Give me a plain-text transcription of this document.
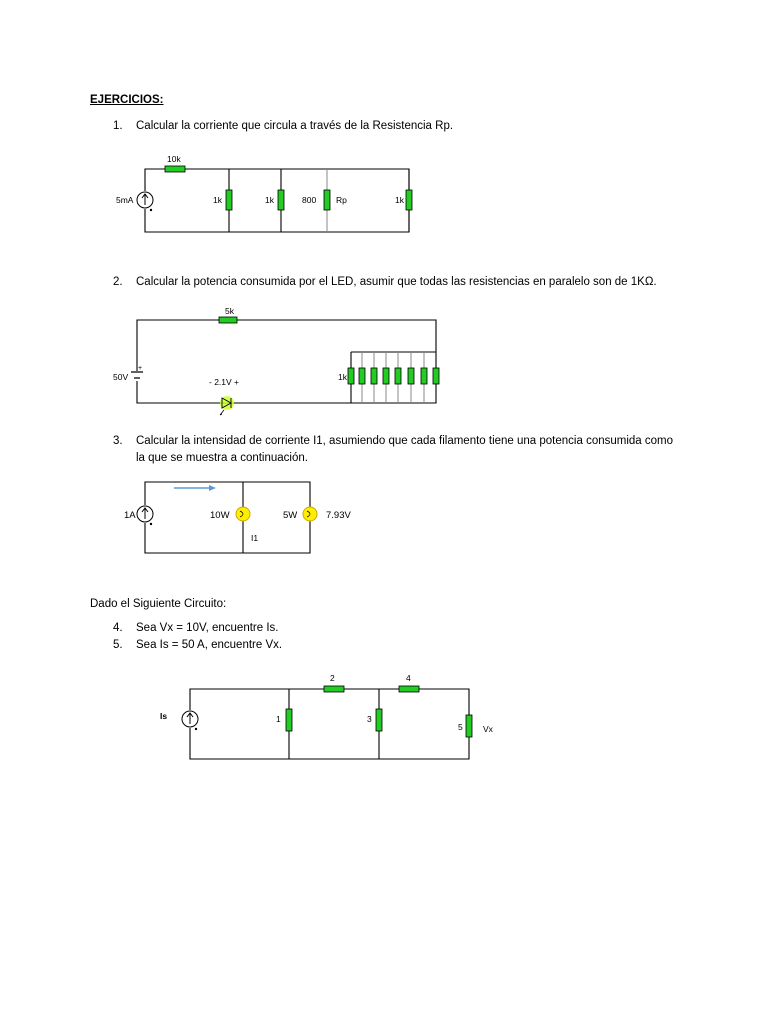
EJERCICIOS:
1. Calcular la corriente que circula a través de la Resistencia Rp.
10k
5mA	1k	1k	800 Rp	1k
2. Calcular la potencia consumida por el LED, asumir que todas las resistencias en paralelo son de 1KΩ.
5k
+
50V	- 2.1V +	1k
3. Calcular la intensidad de corriente I1, asumiendo que cada filamento tiene una potencia consumida como
la que se muestra a continuación.
1A	10W	5W	7.93V
I1
Dado el Siguiente Circuito:
4. Sea Vx = 10V, encuentre Is.
5. Sea Is = 50 A, encuentre Vx.
Is	1
2
3
4
5 Vx
